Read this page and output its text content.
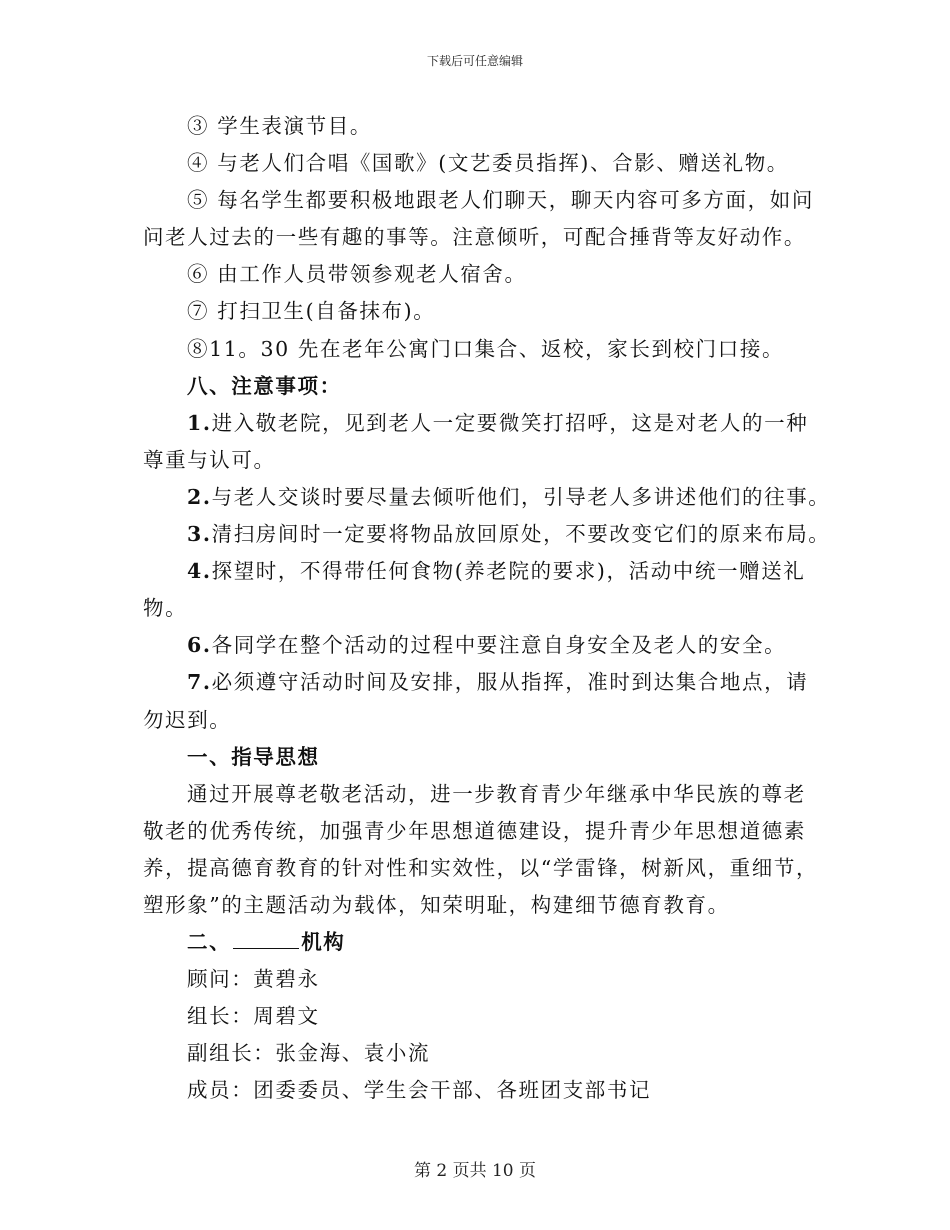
下载后可任意编辑
③ 学生表演节目。
④ 与老人们合唱《国歌》(文艺委员指挥)、合影、赠送礼物。
⑤ 每名学生都要积极地跟老人们聊天，聊天内容可多方面，如问
问老人过去的一些有趣的事等。注意倾听，可配合捶背等友好动作。
⑥ 由工作人员带领参观老人宿舍。
⑦ 打扫卫生(自备抹布)。
⑧11。30 先在老年公寓门口集合、返校，家长到校门口接。
八、注意事项：
1.进入敬老院，见到老人一定要微笑打招呼，这是对老人的一种
尊重与认可。
2.与老人交谈时要尽量去倾听他们，引导老人多讲述他们的往事。
3.清扫房间时一定要将物品放回原处，不要改变它们的原来布局。
4.探望时，不得带任何食物(养老院的要求)，活动中统一赠送礼
物。
6.各同学在整个活动的过程中要注意自身安全及老人的安全。
7.必须遵守活动时间及安排，服从指挥，准时到达集合地点，请
勿迟到。
一、指导思想
通过开展尊老敬老活动，进一步教育青少年继承中华民族的尊老
敬老的优秀传统，加强青少年思想道德建设，提升青少年思想道德素
养，提高德育教育的针对性和实效性，以“学雷锋，树新风，重细节，
塑形象”的主题活动为载体，知荣明耻，构建细节德育教育。
二、	机构
顾问：黄碧永
组长：周碧文
副组长：张金海、袁小流
成员：团委委员、学生会干部、各班团支部书记
第 2 页共 10 页
